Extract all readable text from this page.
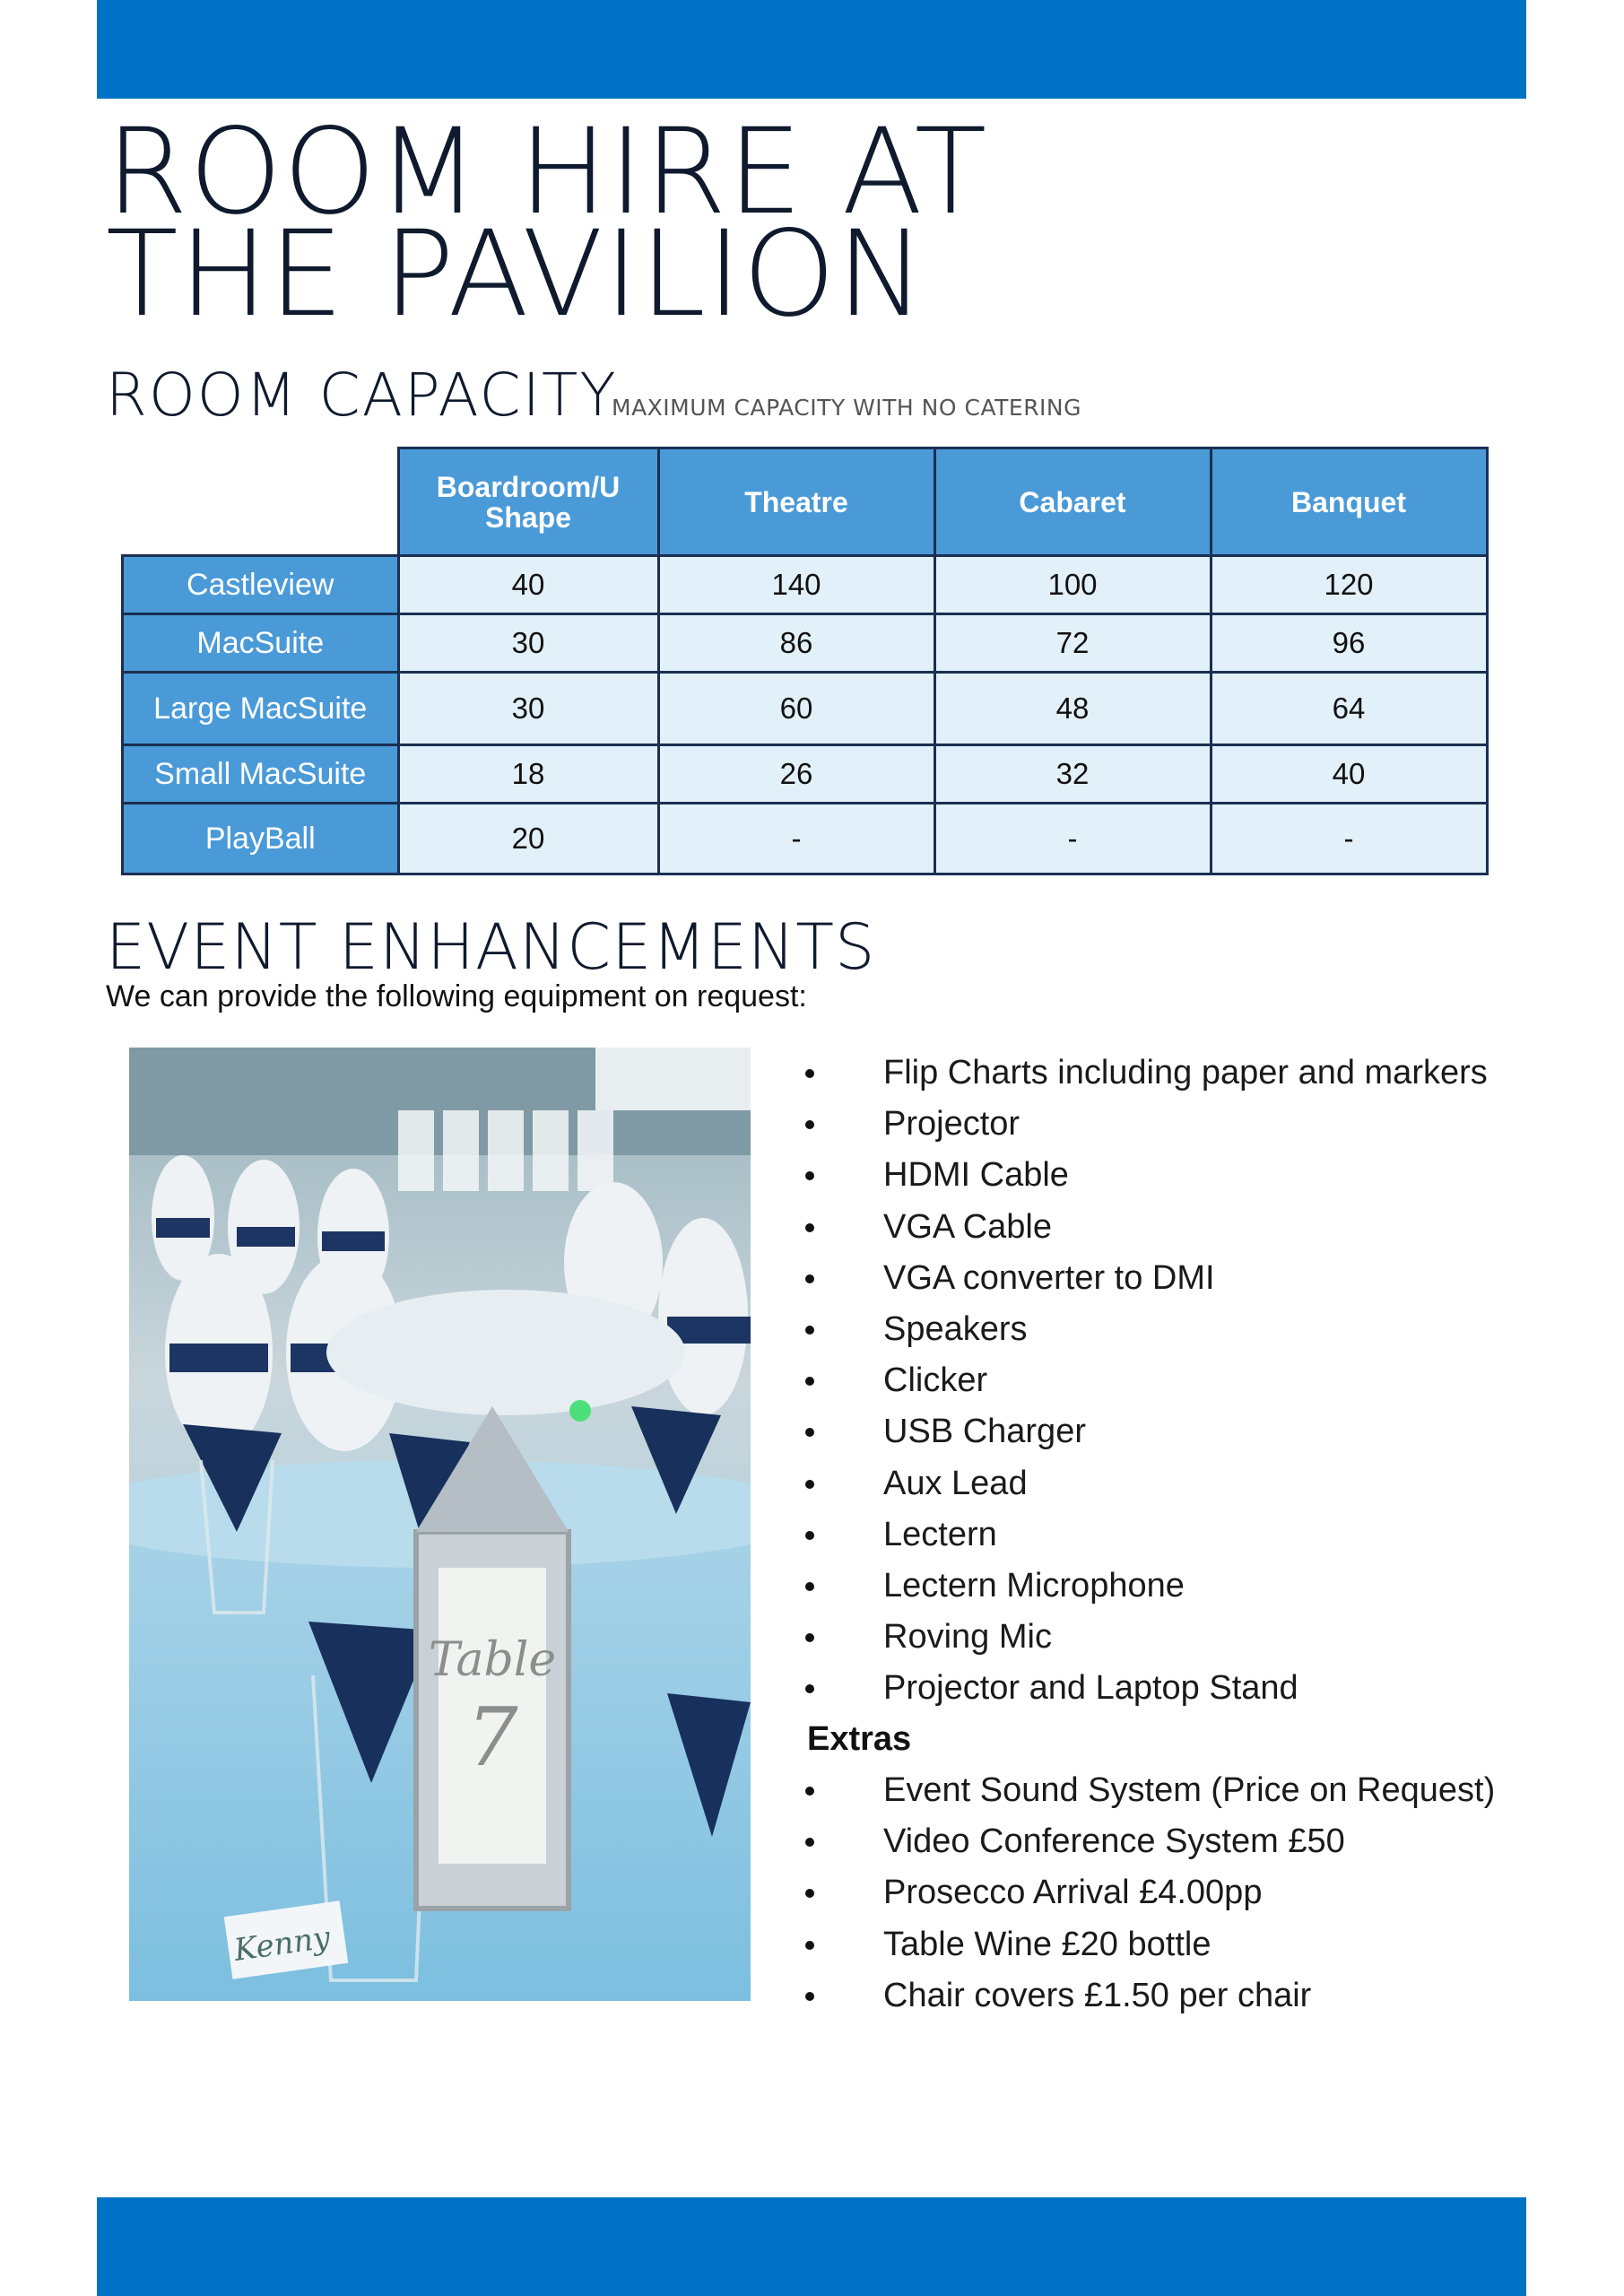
ROOM HIRE AT
THE PAVILION
ROOM CAPACITY
MAXIMUM CAPACITY WITH NO CATERING
	Boardroom/U Shape	Theatre	Cabaret	Banquet
Castleview	40	140	100	120
MacSuite	30	86	72	96
Large MacSuite	30	60	48	64
Small MacSuite	18	26	32	40
PlayBall	20	-	-	-
EVENT ENHANCEMENTS
We can provide the following equipment on request:
Table
7
Kenny
Flip Charts including paper and markers
Projector
HDMI Cable
VGA Cable
VGA converter to DMI
Speakers
Clicker
USB Charger
Aux Lead
Lectern
Lectern Microphone
Roving Mic
Projector and Laptop Stand
Extras
Event Sound System (Price on Request)
Video Conference System £50
Prosecco Arrival £4.00pp
Table Wine £20 bottle
Chair covers £1.50 per chair
